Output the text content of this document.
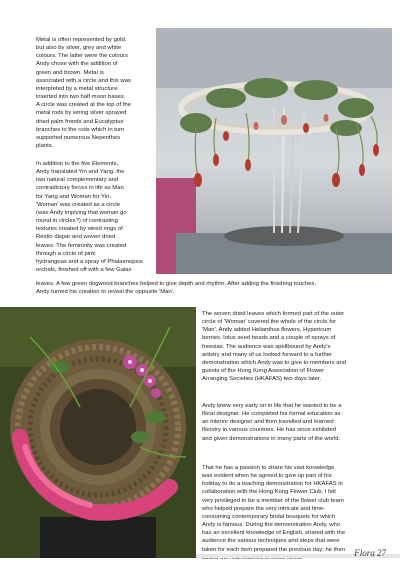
Metal is often represented by gold,
but also by silver, grey and white
colours. The latter were the colours
Andy chose with the addition of
green and brown. Metal is
associated with a circle and this was
interpreted by a metal structure
inserted into two half moon bases.
A circle was created at the top of the
metal rods by wiring silver sprayed
dried palm fronds and Eucalyptus
branches to the rods which in turn
supported numerous Nepenthes
plants.

In addition to the five Elements,
Andy translated Yin and Yang, the
two natural complementary and
contradictory forces in life as Man
for Yang and Woman for Yin.
'Woman' was created as a circle
(was Andy implying that woman go
round in circles?) of contrasting
textures created by wired rings of
Restio dispar and woven dried
leaves. The femininity was created
through a circle of pink
hydrangeas and a spray of Phalaenopsis
orchids, finished off with a few Galax

leaves. A few green dogwood branches helped to give depth and rhythm. After adding the finishing touches,
Andy turned his creation to reveal the opposite 'Man'.

The woven dried leaves which formed part of the outer
circle of 'Woman' covered the whole of the circle for
'Man'. Andy added Helianthus flowers, Hypericum
berries, lotus seed heads and a couple of sprays of
freesias. The audience was spellbound by Andy's
artistry and many of us looked forward to a further
demonstration which Andy was to give to members and
guests of the Hong Kong Association of Flower
Arranging Societies (HKAFAS) two days later.

Andy knew very early on in life that he wanted to be a
floral designer. He completed his formal education as
an interior designer and then travelled and learned
floristry in various countries. He has since exhibited
and given demonstrations in many parts of the world.

That he has a passion to share his vast knowledge
was evident when he agreed to give up part of his
holiday to do a teaching demonstration for HKAFAS in
collaboration with the Hong Kong Flower Club. I felt
very privileged to be a member of the flower club team
who helped prepare the very intricate and time-
consuming contemporary bridal bouquets for which
Andy is famous. During the demonstration Andy, who
has an excellent knowledge of English, shared with the
audience the various techniques and steps that were
taken for each item prepared the previous day; he then	Flora 27
